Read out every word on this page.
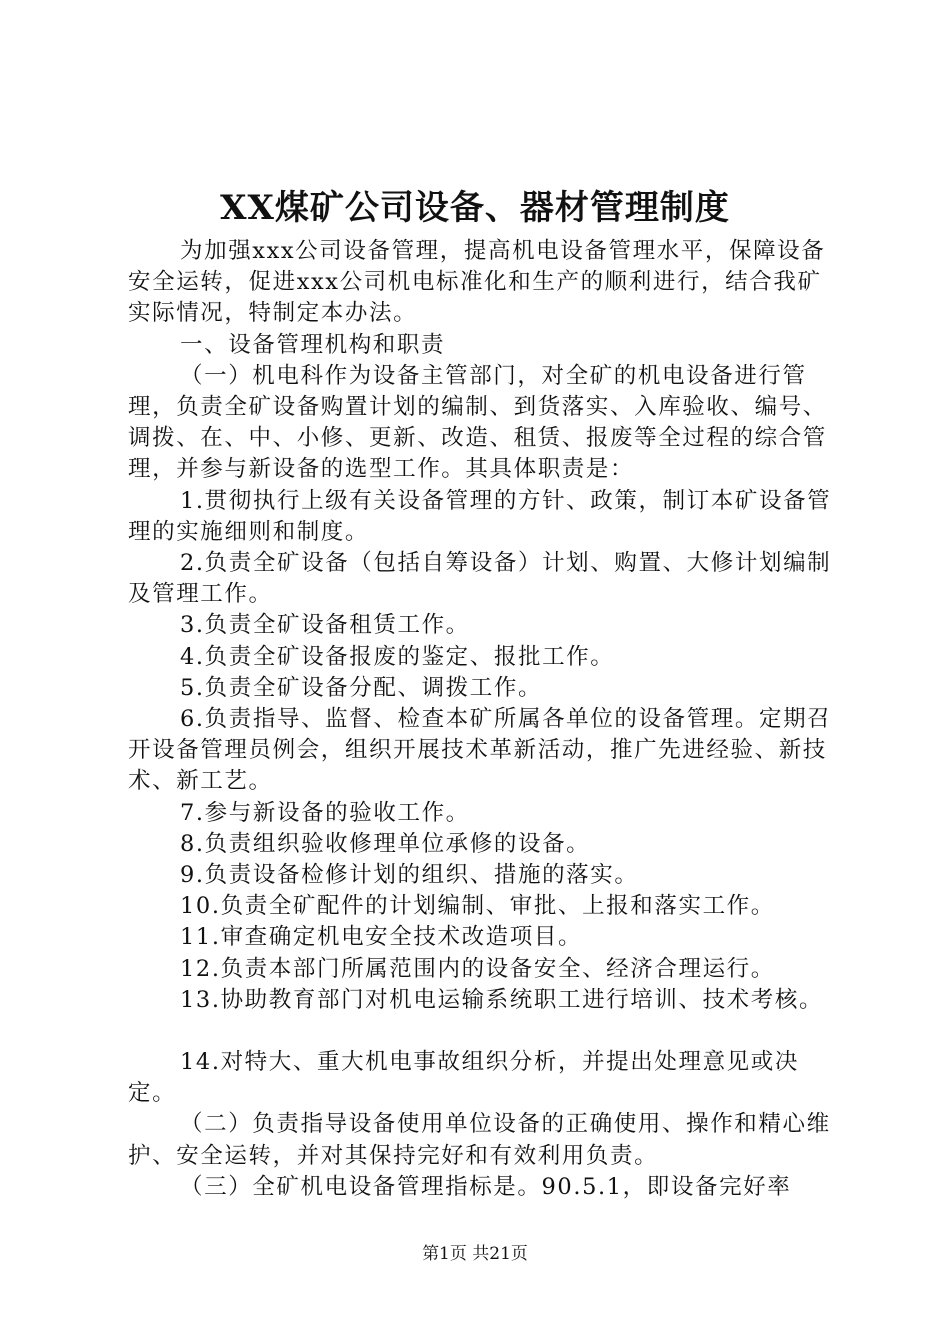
XX煤矿公司设备、器材管理制度

为加强xxx公司设备管理，提高机电设备管理水平，保障设备安全运转，促进xxx公司机电标准化和生产的顺利进行，结合我矿实际情况，特制定本办法。

一、设备管理机构和职责

（一）机电科作为设备主管部门，对全矿的机电设备进行管理，负责全矿设备购置计划的编制、到货落实、入库验收、编号、调拨、在、中、小修、更新、改造、租赁、报废等全过程的综合管理，并参与新设备的选型工作。其具体职责是：

1.贯彻执行上级有关设备管理的方针、政策，制订本矿设备管理的实施细则和制度。

2.负责全矿设备（包括自筹设备）计划、购置、大修计划编制及管理工作。

3.负责全矿设备租赁工作。

4.负责全矿设备报废的鉴定、报批工作。

5.负责全矿设备分配、调拨工作。

6.负责指导、监督、检查本矿所属各单位的设备管理。定期召开设备管理员例会，组织开展技术革新活动，推广先进经验、新技术、新工艺。

7.参与新设备的验收工作。

8.负责组织验收修理单位承修的设备。

9.负责设备检修计划的组织、措施的落实。

10.负责全矿配件的计划编制、审批、上报和落实工作。

11.审查确定机电安全技术改造项目。

12.负责本部门所属范围内的设备安全、经济合理运行。

13.协助教育部门对机电运输系统职工进行培训、技术考核。

14.对特大、重大机电事故组织分析，并提出处理意见或决定。

（二）负责指导设备使用单位设备的正确使用、操作和精心维护、安全运转，并对其保持完好和有效利用负责。

（三）全矿机电设备管理指标是。90.5.1，即设备完好率

第1页 共21页
